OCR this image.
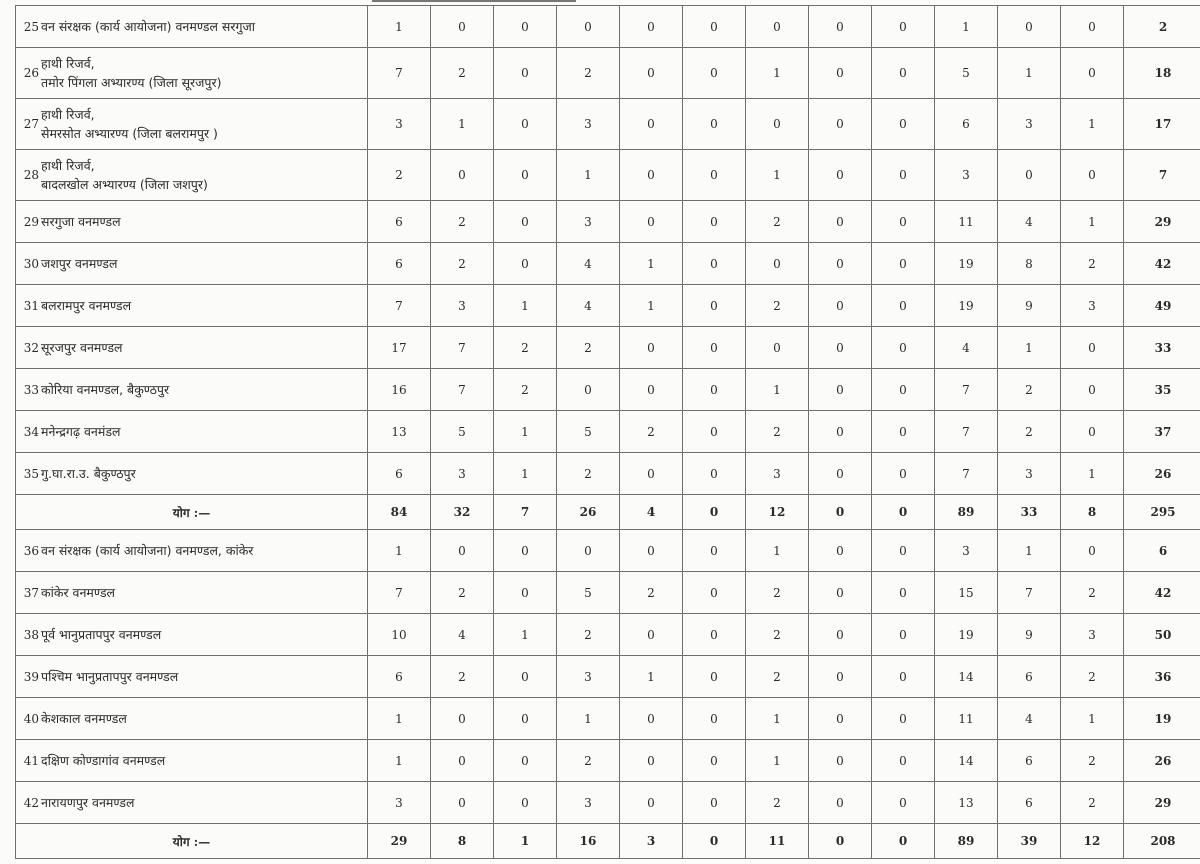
25	वन संरक्षक (कार्य आयोजना) वनमण्डल सरगुजा	1	0	0	0	0	0	0	0	0	1	0	0	2
26	हाथी रिजर्व,
तमोर पिंगला अभ्यारण्य (जिला सूरजपुर)	7	2	0	2	0	0	1	0	0	5	1	0	18
27	हाथी रिजर्व,
सेमरसोत अभ्यारण्य (जिला बलरामपुर )	3	1	0	3	0	0	0	0	0	6	3	1	17
28	हाथी रिजर्व,
बादलखोल अभ्यारण्य (जिला जशपुर)	2	0	0	1	0	0	1	0	0	3	0	0	7
29	सरगुजा वनमण्डल	6	2	0	3	0	0	2	0	0	11	4	1	29
30	जशपुर वनमण्डल	6	2	0	4	1	0	0	0	0	19	8	2	42
31	बलरामपुर वनमण्डल	7	3	1	4	1	0	2	0	0	19	9	3	49
32	सूरजपुर वनमण्डल	17	7	2	2	0	0	0	0	0	4	1	0	33
33	कोरिया वनमण्डल, बैकुण्ठपुर	16	7	2	0	0	0	1	0	0	7	2	0	35
34	मनेन्द्रगढ़ वनमंडल	13	5	1	5	2	0	2	0	0	7	2	0	37
35	गु.घा.रा.उ. बैकुण्ठपुर	6	3	1	2	0	0	3	0	0	7	3	1	26
योग :—		84	32	7	26	4	0	12	0	0	89	33	8	295
36	वन संरक्षक (कार्य आयोजना) वनमण्डल, कांकेर	1	0	0	0	0	0	1	0	0	3	1	0	6
37	कांकेर वनमण्डल	7	2	0	5	2	0	2	0	0	15	7	2	42
38	पूर्व भानुप्रतापपुर वनमण्डल	10	4	1	2	0	0	2	0	0	19	9	3	50
39	पश्चिम भानुप्रतापपुर वनमण्डल	6	2	0	3	1	0	2	0	0	14	6	2	36
40	केशकाल वनमण्डल	1	0	0	1	0	0	1	0	0	11	4	1	19
41	दक्षिण कोण्डागांव वनमण्डल	1	0	0	2	0	0	1	0	0	14	6	2	26
42	नारायणपुर वनमण्डल	3	0	0	3	0	0	2	0	0	13	6	2	29
योग :—		29	8	1	16	3	0	11	0	0	89	39	12	208
